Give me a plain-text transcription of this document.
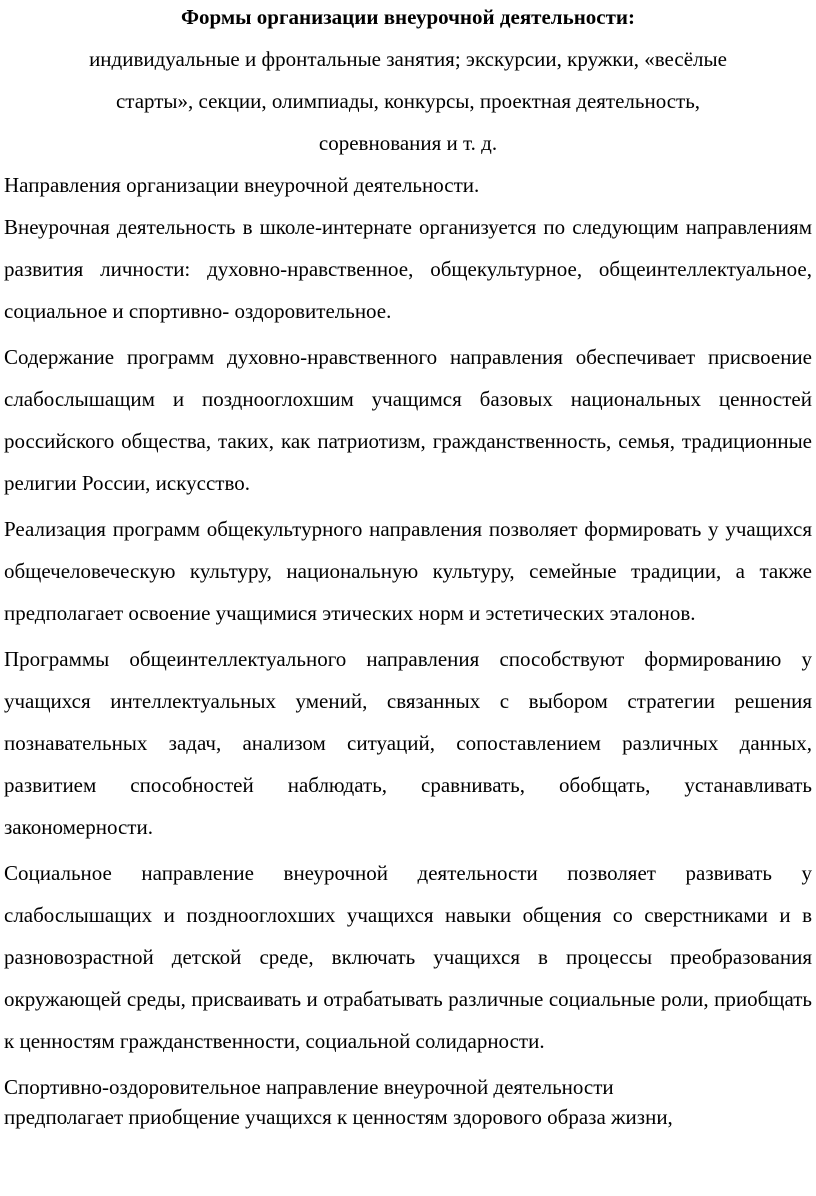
Формы организации внеурочной деятельности:
индивидуальные и фронтальные занятия; экскурсии, кружки, «весёлые
старты», секции, олимпиады, конкурсы, проектная деятельность,
соревнования и т. д.

Направления организации внеурочной деятельности.

Внеурочная деятельность в школе-интернате организуется по следующим направлениям развития личности: духовно-нравственное, общекультурное, общеинтеллектуальное, социальное и спортивно- оздоровительное.

Содержание программ духовно-нравственного направления обеспечивает присвоение слабослышащим и позднооглохшим учащимся базовых национальных ценностей российского общества, таких, как патриотизм, гражданственность, семья, традиционные религии России, искусство.

Реализация программ общекультурного направления позволяет формировать у учащихся общечеловеческую культуру, национальную культуру, семейные традиции, а также предполагает освоение учащимися этических норм и эстетических эталонов.

Программы общеинтеллектуального направления способствуют формированию у учащихся интеллектуальных умений, связанных с выбором стратегии решения познавательных задач, анализом ситуаций, сопоставлением различных данных, развитием способностей наблюдать, сравнивать, обобщать, устанавливать закономерности.

Социальное направление внеурочной деятельности позволяет развивать у слабослышащих и позднооглохших учащихся навыки общения со сверстниками и в разновозрастной детской среде, включать учащихся в процессы преобразования окружающей среды, присваивать и отрабатывать различные социальные роли, приобщать к ценностям гражданственности, социальной солидарности.

Спортивно-оздоровительное направление внеурочной деятельности
предполагает приобщение учащихся к ценностям здорового образа жизни,
